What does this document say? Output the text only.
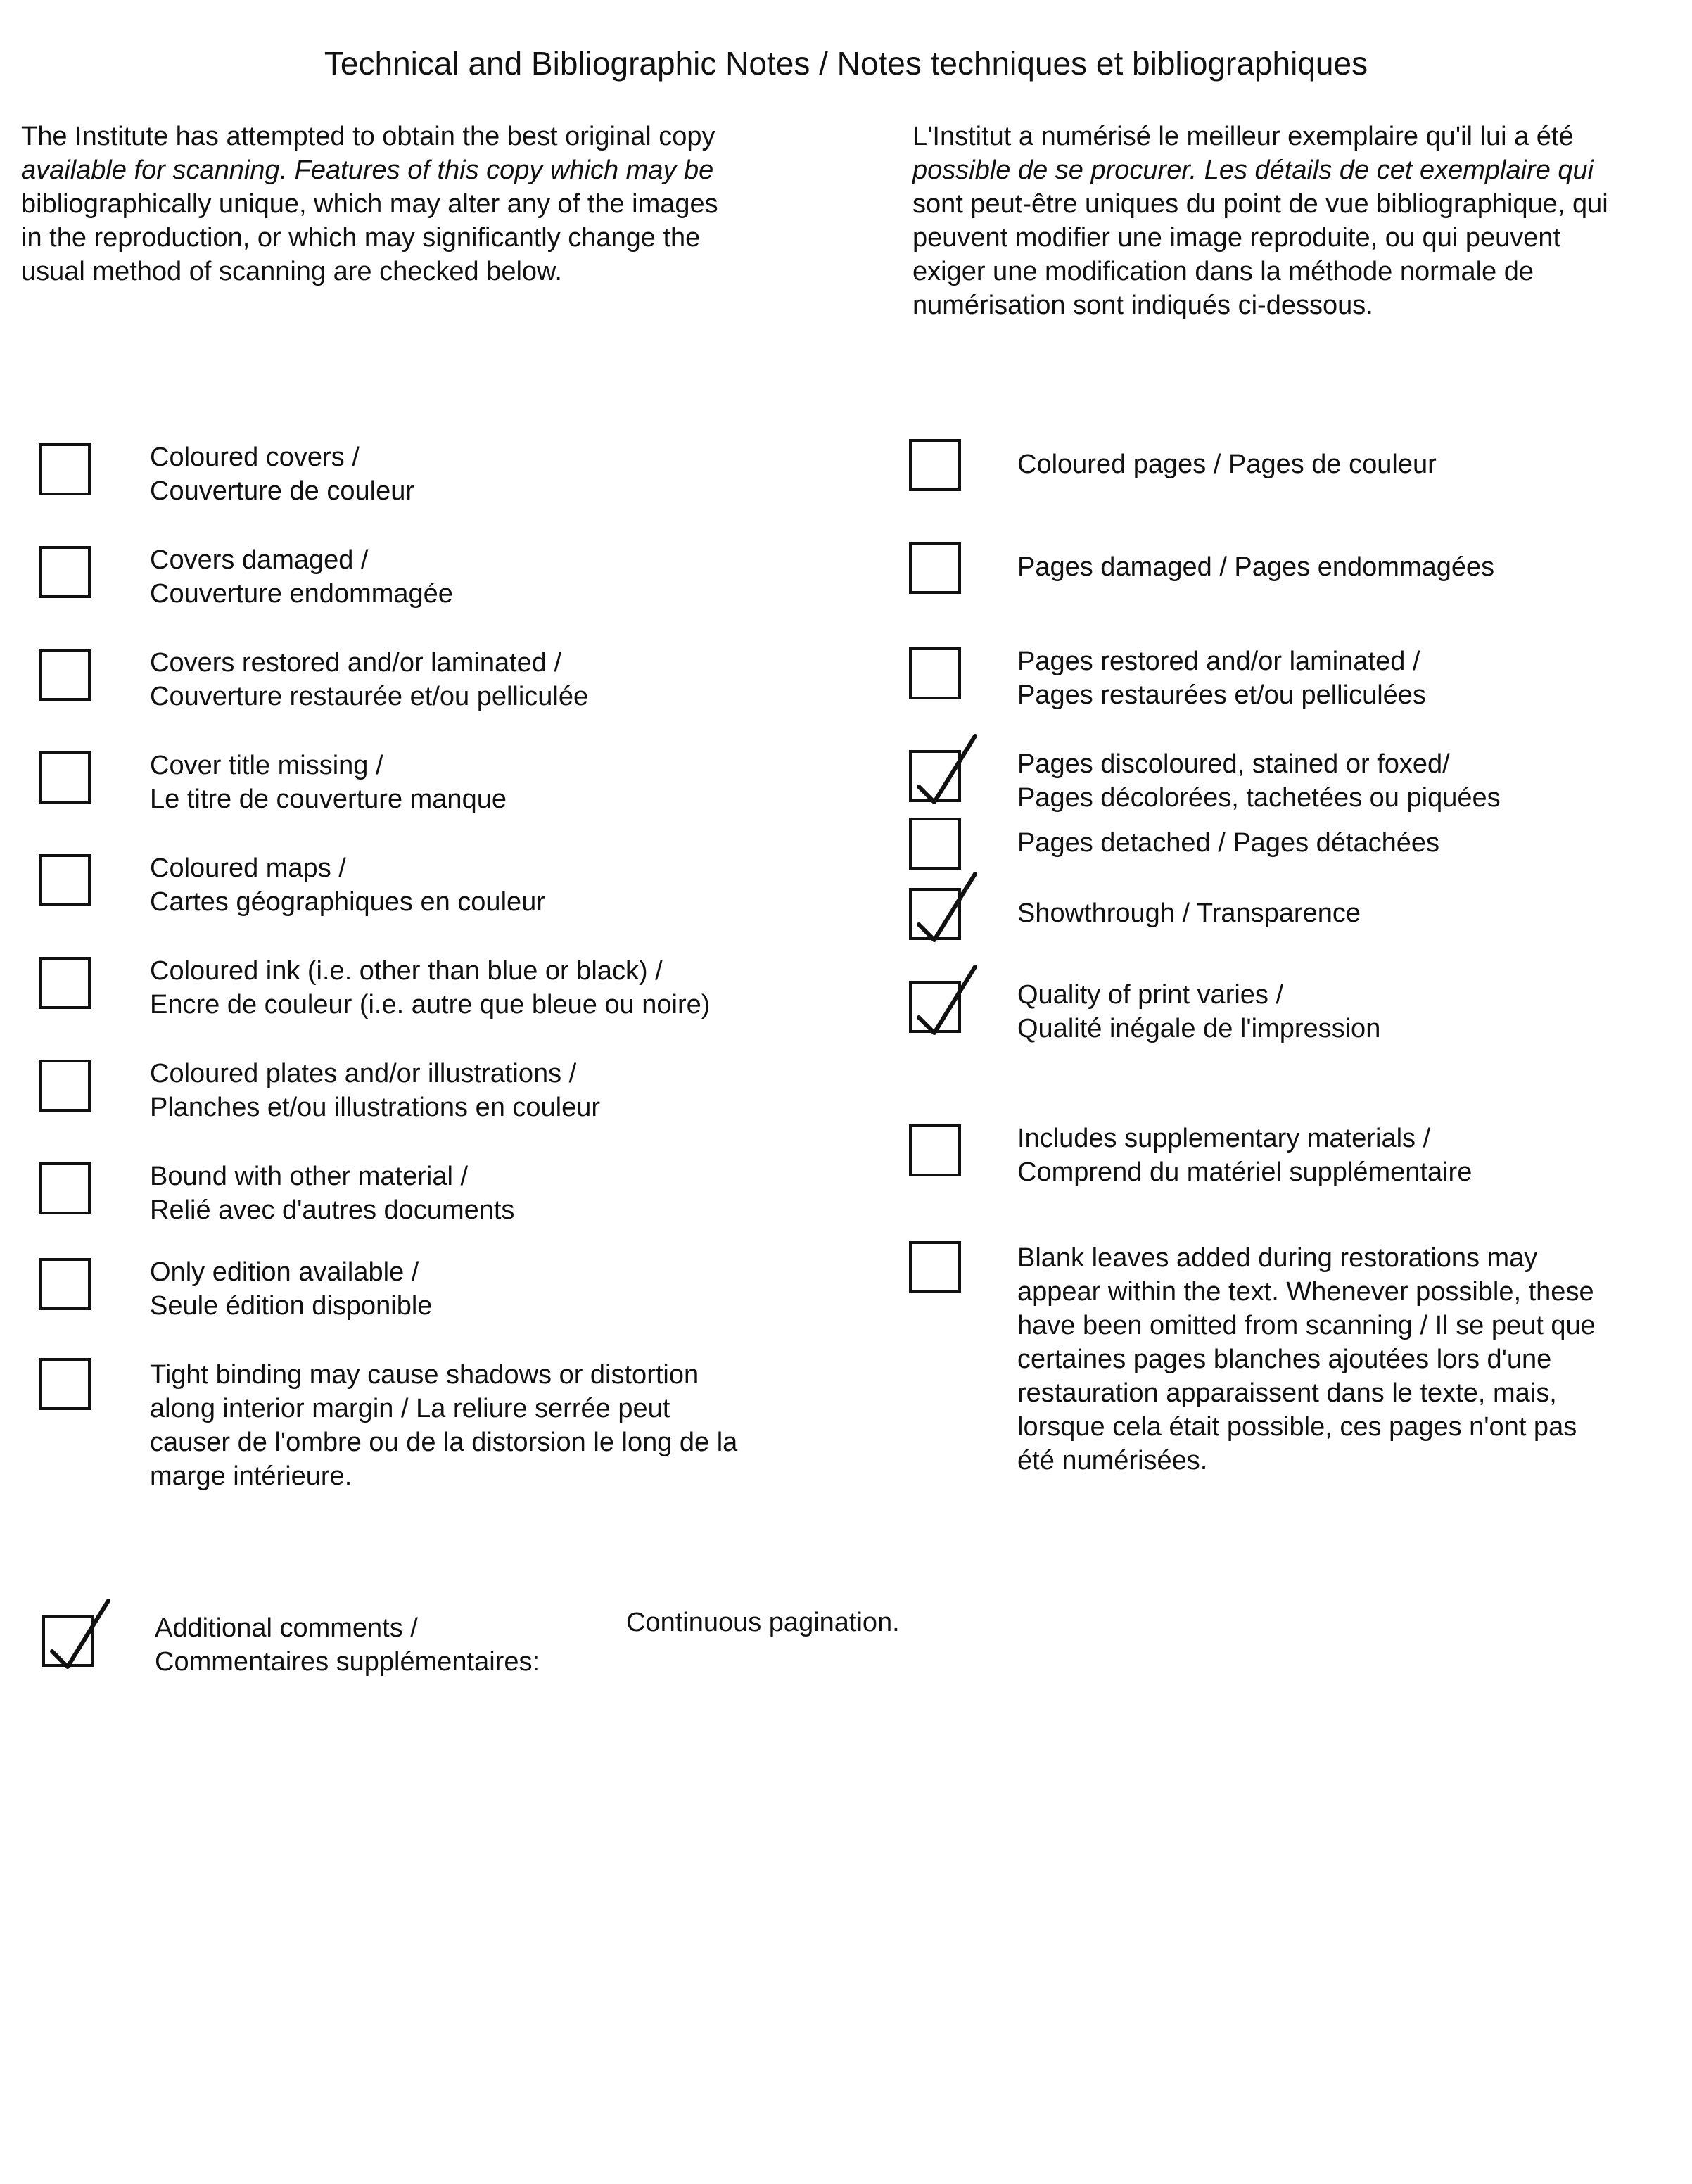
Technical and Bibliographic Notes / Notes techniques et bibliographiques
The Institute has attempted to obtain the best original copy
available for scanning. Features of this copy which may be
bibliographically unique, which may alter any of the images
in the reproduction, or which may significantly change the
usual method of scanning are checked below.
L'Institut a numérisé le meilleur exemplaire qu'il lui a été
possible de se procurer. Les détails de cet exemplaire qui
sont peut-être uniques du point de vue bibliographique, qui
peuvent modifier une image reproduite, ou qui peuvent
exiger une modification dans la méthode normale de
numérisation sont indiqués ci-dessous.
Coloured covers /
Couverture de couleur
Covers damaged /
Couverture endommagée
Covers restored and/or laminated /
Couverture restaurée et/ou pelliculée
Cover title missing /
Le titre de couverture manque
Coloured maps /
Cartes géographiques en couleur
Coloured ink (i.e. other than blue or black) /
Encre de couleur (i.e. autre que bleue ou noire)
Coloured plates and/or illustrations /
Planches et/ou illustrations en couleur
Bound with other material /
Relié avec d'autres documents
Only edition available /
Seule édition disponible
Tight binding may cause shadows or distortion
along interior margin / La reliure serrée peut
causer de l'ombre ou de la distorsion le long de la
marge intérieure.
Coloured pages / Pages de couleur
Pages damaged / Pages endommagées
Pages restored and/or laminated /
Pages restaurées et/ou pelliculées
Pages discoloured, stained or foxed/
Pages décolorées, tachetées ou piquées
Pages detached / Pages détachées
Showthrough / Transparence
Quality of print varies /
Qualité inégale de l'impression
Includes supplementary materials /
Comprend du matériel supplémentaire
Blank leaves added during restorations may
appear within the text. Whenever possible, these
have been omitted from scanning / Il se peut que
certaines pages blanches ajoutées lors d'une
restauration apparaissent dans le texte, mais,
lorsque cela était possible, ces pages n'ont pas
été numérisées.
Additional comments /
Commentaires supplémentaires:
Continuous pagination.
